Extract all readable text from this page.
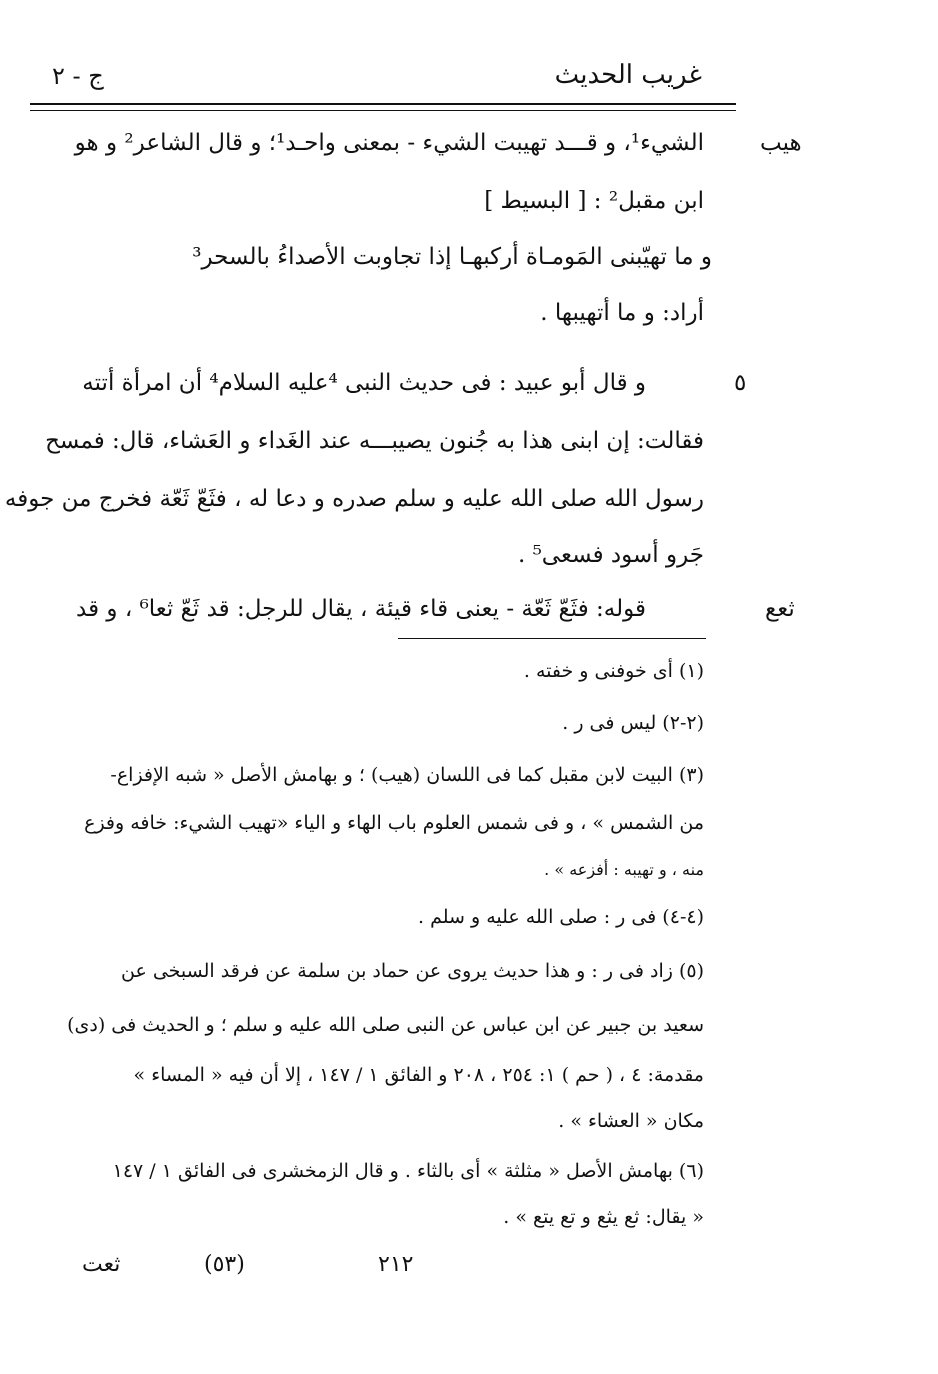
غريب الحديث
ج - ٢
هيب
٥
ثعع
الشيء¹، و قـــد تهيبت الشيء - بمعنى واحـد¹؛ و قال الشاعر² و هو
ابن مقبل² : [ البسيط ]
و ما تهيّبنى المَومـاة أركبهـا إذا تجاوبت الأصداءُ بالسحر³
أراد: و ما أتهيبها .
و قال أبو عبيد : فى حديث النبى ⁴عليه السلام⁴ أن امرأة أتته
فقالت: إن ابنى هذا به جُنون يصيبـــه عند الغَداء و العَشاء، قال: فمسح
رسول الله صلى الله عليه و سلم صدره و دعا له ، فثَعّ ثَعّة فخرج من جوفه
جَرو أسود فسعى⁵ .
قوله: فثَعّ ثَعّة - يعنى قاء قيئة ، يقال للرجل: قد ثَعّ ثعا⁶ ، و قد
(١) أى خوفنى و خفته .
(٢-٢) ليس فى ر .
(٣) البيت لابن مقبل كما فى اللسان (هيب) ؛ و بهامش الأصل « شبه الإفزاع-
من الشمس » ، و فى شمس العلوم باب الهاء و الياء «تهيب الشيء: خافه وفزع
منه ، و تهيبه : أفزعه » .
(٤-٤) فى ر : صلى الله عليه و سلم .
(٥) زاد فى ر : و هذا حديث يروى عن حماد بن سلمة عن فرقد السبخى عن
سعيد بن جبير عن ابن عباس عن النبى صلى الله عليه و سلم ؛ و الحديث فى (دى)
مقدمة: ٤ ، ( حم ) ١: ٢٥٤ ، ٢٠٨ و الفائق ١ / ١٤٧ ، إلا أن فيه « المساء »
مكان « العشاء » .
(٦) بهامش الأصل « مثلثة » أى بالثاء . و قال الزمخشرى فى الفائق ١ / ١٤٧
« يقال: ثع يثع و تع يتع » .
ثعت	(٥٣)	٢١٢
